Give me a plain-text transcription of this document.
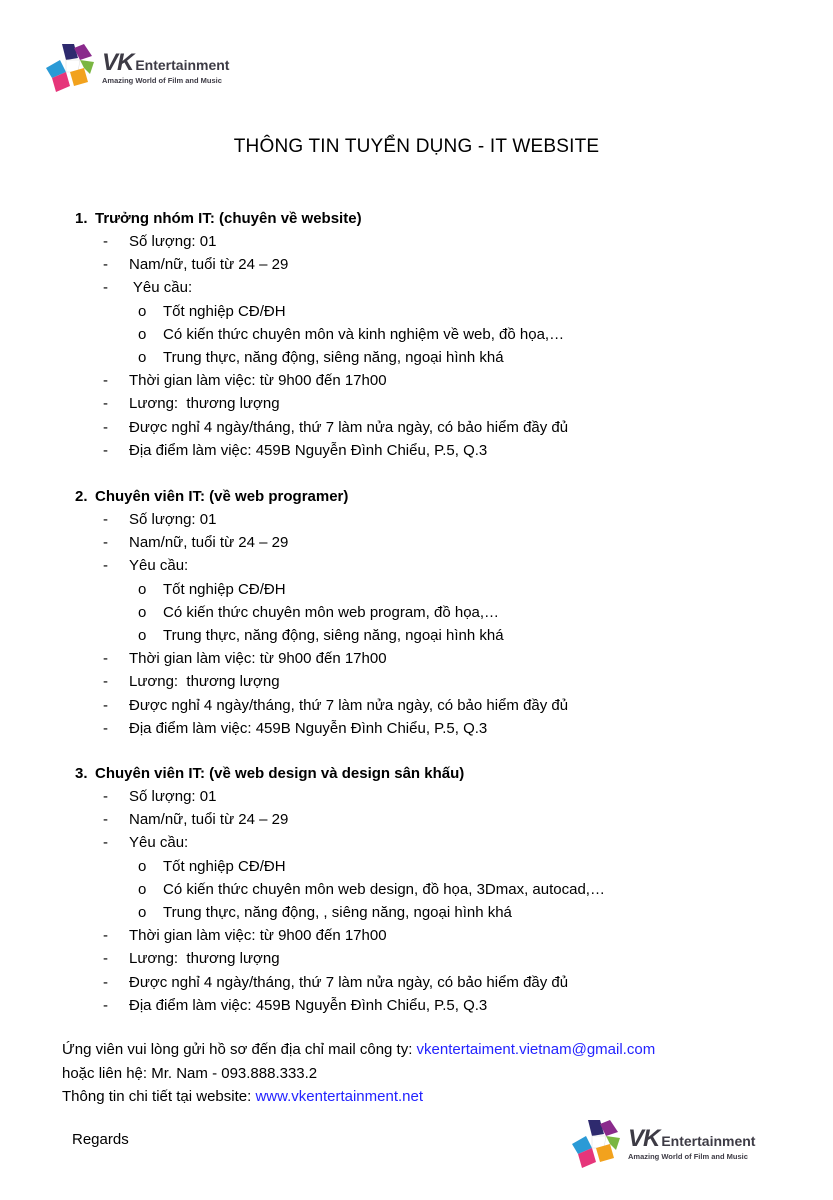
VK Entertainment
Amazing World of Film and Music
THÔNG TIN TUYỂN DỤNG - IT WEBSITE
1. Trưởng nhóm IT: (chuyên về website)
- Số lượng: 01
- Nam/nữ, tuổi từ 24 – 29
- Yêu cầu:
o Tốt nghiệp CĐ/ĐH
o Có kiến thức chuyên môn và kinh nghiệm về web, đồ họa,…
o Trung thực, năng động, siêng năng, ngoại hình khá
- Thời gian làm việc: từ 9h00 đến 17h00
- Lương:  thương lượng
- Được nghỉ 4 ngày/tháng, thứ 7 làm nửa ngày, có bảo hiểm đầy đủ
- Địa điểm làm việc: 459B Nguyễn Đình Chiểu, P.5, Q.3
2. Chuyên viên IT: (về web programer)
- Số lượng: 01
- Nam/nữ, tuổi từ 24 – 29
- Yêu cầu:
o Tốt nghiệp CĐ/ĐH
o Có kiến thức chuyên môn web program, đồ họa,…
o Trung thực, năng động, siêng năng, ngoại hình khá
- Thời gian làm việc: từ 9h00 đến 17h00
- Lương:  thương lượng
- Được nghỉ 4 ngày/tháng, thứ 7 làm nửa ngày, có bảo hiểm đầy đủ
- Địa điểm làm việc: 459B Nguyễn Đình Chiểu, P.5, Q.3
3. Chuyên viên IT: (về web design và design sân khấu)
- Số lượng: 01
- Nam/nữ, tuổi từ 24 – 29
- Yêu cầu:
o Tốt nghiệp CĐ/ĐH
o Có kiến thức chuyên môn web design, đồ họa, 3Dmax, autocad,…
o Trung thực, năng động, , siêng năng, ngoại hình khá
- Thời gian làm việc: từ 9h00 đến 17h00
- Lương:  thương lượng
- Được nghỉ 4 ngày/tháng, thứ 7 làm nửa ngày, có bảo hiểm đầy đủ
- Địa điểm làm việc: 459B Nguyễn Đình Chiểu, P.5, Q.3
Ứng viên vui lòng gửi hồ sơ đến địa chỉ mail công ty: vkentertaiment.vietnam@gmail.com
hoặc liên hệ: Mr. Nam - 093.888.333.2
Thông tin chi tiết tại website: www.vkentertainment.net
Regards	VK Entertainment
Amazing World of Film and Music
